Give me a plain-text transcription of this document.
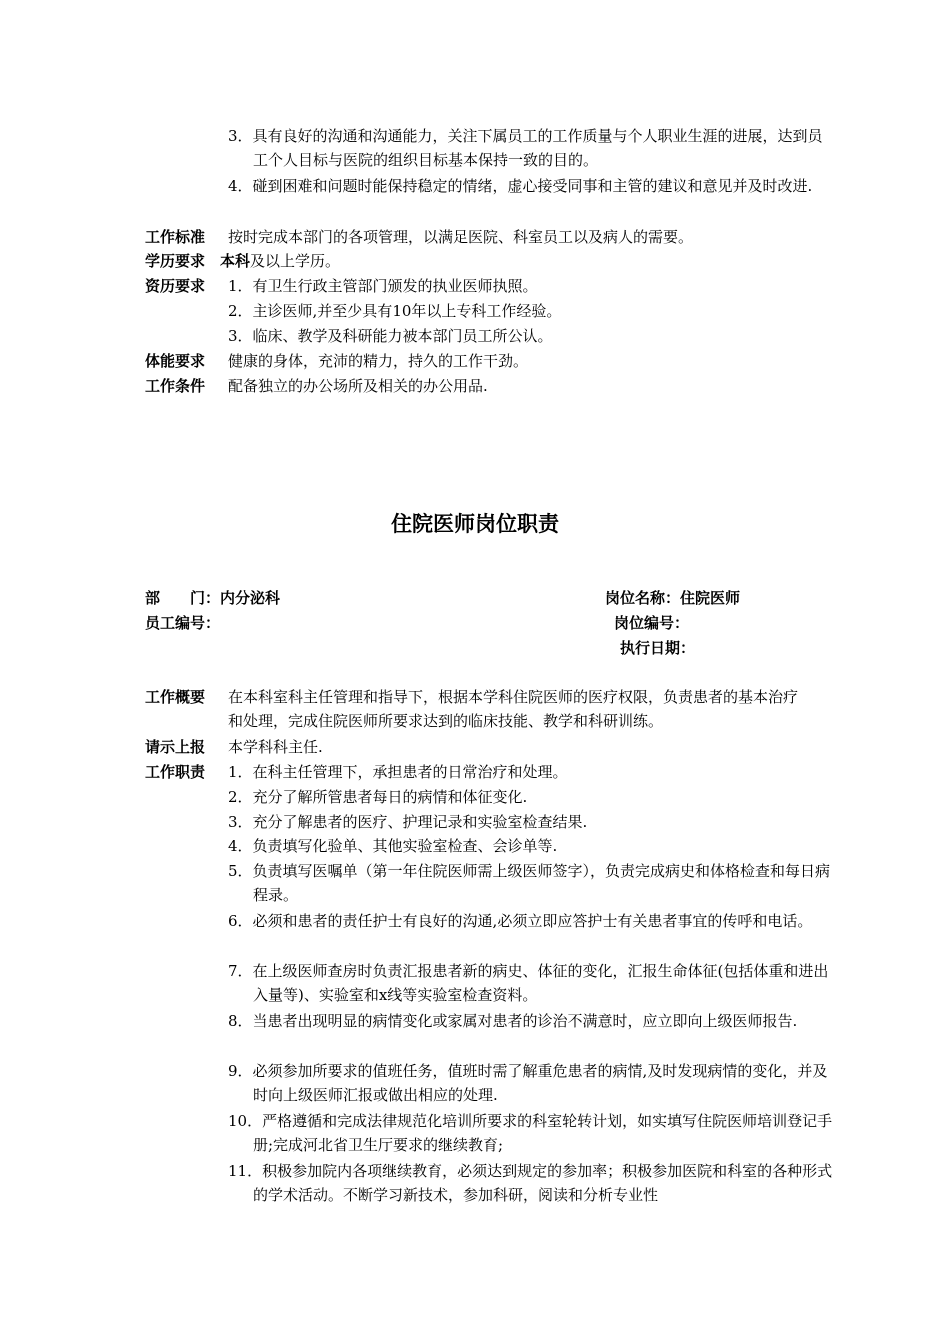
3．具有良好的沟通和沟通能力，关注下属员工的工作质量与个人职业生涯的进展，达到员工个人目标与医院的组织目标基本保持一致的目的。
4．碰到困难和问题时能保持稳定的情绪，虚心接受同事和主管的建议和意见并及时改进.
工作标准 按时完成本部门的各项管理，以满足医院、科室员工以及病人的需要。
学历要求 本科及以上学历。
资历要求 1．有卫生行政主管部门颁发的执业医师执照。
2．主诊医师,并至少具有10年以上专科工作经验。
3．临床、教学及科研能力被本部门员工所公认。
体能要求 健康的身体，充沛的精力，持久的工作干劲。
工作条件 配备独立的办公场所及相关的办公用品.
住院医师岗位职责
部　　门：内分泌科	岗位名称：住院医师
员工编号：	岗位编号：
执行日期：
工作概要 在本科室科主任管理和指导下，根据本学科住院医师的医疗权限，负责患者的基本治疗和处理，完成住院医师所要求达到的临床技能、教学和科研训练。
请示上报 本学科科主任.
工作职责 1．在科主任管理下，承担患者的日常治疗和处理。
2．充分了解所管患者每日的病情和体征变化.
3．充分了解患者的医疗、护理记录和实验室检查结果.
4．负责填写化验单、其他实验室检查、会诊单等.
5．负责填写医嘱单（第一年住院医师需上级医师签字），负责完成病史和体格检查和每日病程录。
6．必须和患者的责任护士有良好的沟通,必须立即应答护士有关患者事宜的传呼和电话。
7．在上级医师查房时负责汇报患者新的病史、体征的变化，汇报生命体征(包括体重和进出入量等)、实验室和x线等实验室检查资料。
8．当患者出现明显的病情变化或家属对患者的诊治不满意时，应立即向上级医师报告.
9．必须参加所要求的值班任务，值班时需了解重危患者的病情,及时发现病情的变化，并及时向上级医师汇报或做出相应的处理.
10．严格遵循和完成法律规范化培训所要求的科室轮转计划，如实填写住院医师培训登记手册;完成河北省卫生厅要求的继续教育;
11．积极参加院内各项继续教育，必须达到规定的参加率；积极参加医院和科室的各种形式的学术活动。不断学习新技术，参加科研，阅读和分析专业性
